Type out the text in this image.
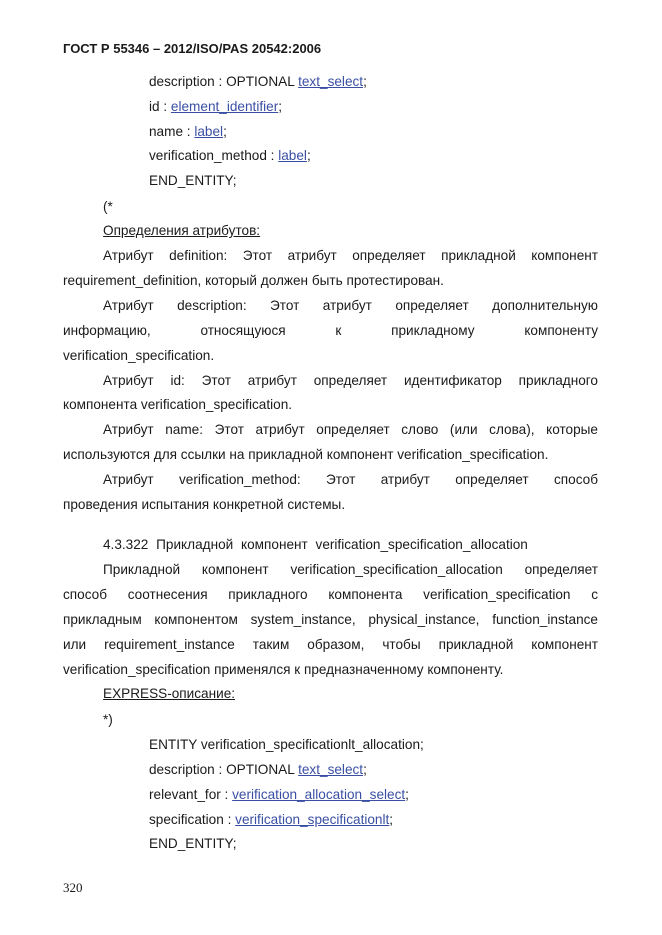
ГОСТ Р 55346 – 2012/ISO/PAS 20542:2006
description : OPTIONAL text_select;
id : element_identifier;
name : label;
verification_method : label;
END_ENTITY;
(*
Определения атрибутов:
Атрибут definition: Этот атрибут определяет прикладной компонент
requirement_definition, который должен быть протестирован.
Атрибут description: Этот атрибут определяет дополнительную
информацию, относящуюся к прикладному компоненту
verification_specification.
Атрибут id: Этот атрибут определяет идентификатор прикладного
компонента verification_specification.
Атрибут name: Этот атрибут определяет слово (или слова), которые
используются для ссылки на прикладной компонент verification_specification.
Атрибут verification_method: Этот атрибут определяет способ
проведения испытания конкретной системы.
4.3.322 Прикладной компонент verification_specification_allocation
Прикладной компонент verification_specification_allocation определяет
способ соотнесения прикладного компонента verification_specification с
прикладным компонентом system_instance, physical_instance, function_instance
или requirement_instance таким образом, чтобы прикладной компонент
verification_specification применялся к предназначенному компоненту.
EXPRESS-описание:
*)
ENTITY verification_specificationlt_allocation;
description : OPTIONAL text_select;
relevant_for : verification_allocation_select;
specification : verification_specificationlt;
END_ENTITY;
320
